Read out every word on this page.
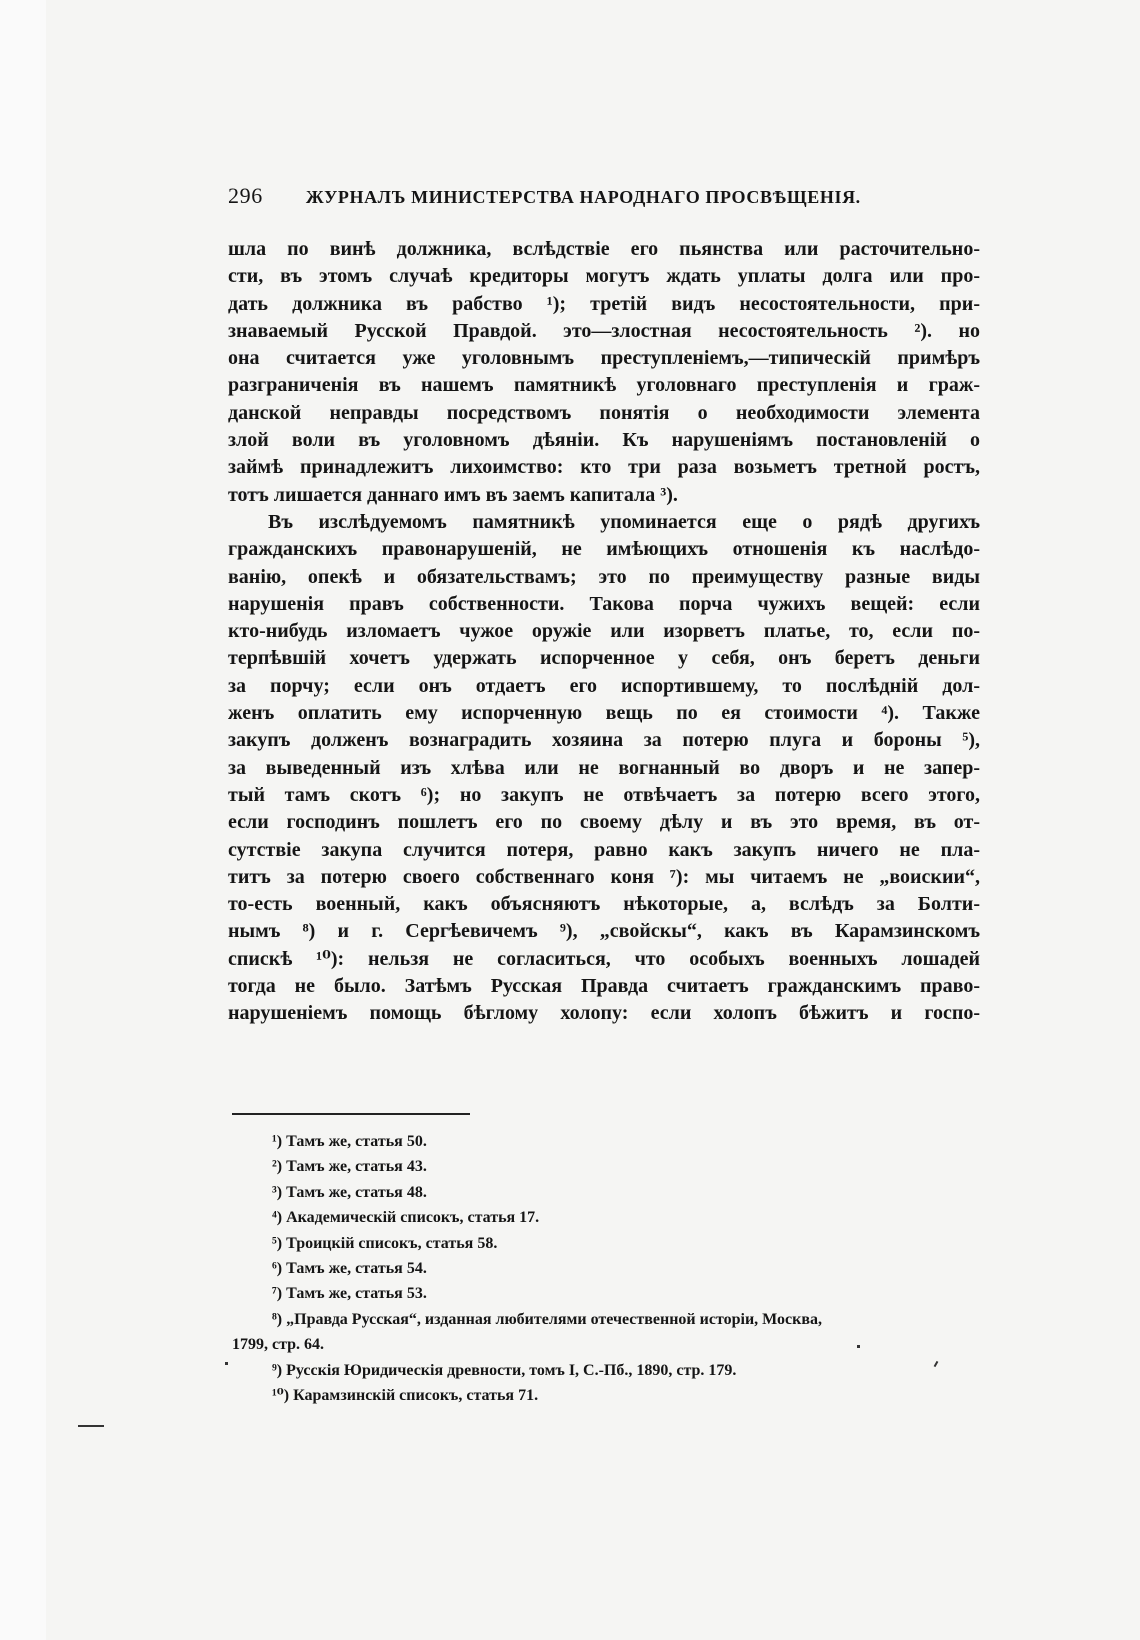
296 ЖУРНАЛЪ МИНИСТЕРСТВА НАРОДНАГО ПРОСВѢЩЕНІЯ.
шла по винѣ должника, вслѣдствіе его пьянства или расточительно-
сти, въ этомъ случаѣ кредиторы могутъ ждать уплаты долга или про-
дать должника въ рабство ¹); третій видъ несостоятельности, при-
знаваемый Русской Правдой. это—злостная несостоятельность ²). но
она считается уже уголовнымъ преступленіемъ,—типическій примѣръ
разграниченія въ нашемъ памятникѣ уголовнаго преступленія и граж-
данской неправды посредствомъ понятія о необходимости элемента
злой воли въ уголовномъ дѣяніи. Къ нарушеніямъ постановленій о
займѣ принадлежитъ лихоимство: кто три раза возьметъ третной ростъ,
тотъ лишается даннаго имъ въ заемъ капитала ³).
Въ изслѣдуемомъ памятникѣ упоминается еще о рядѣ другихъ
гражданскихъ правонарушеній, не имѣющихъ отношенія къ наслѣдо-
ванію, опекѣ и обязательствамъ; это по преимуществу разные виды
нарушенія правъ собственности. Такова порча чужихъ вещей: если
кто-нибудь изломаетъ чужое оружіе или изорветъ платье, то, если по-
терпѣвшій хочетъ удержать испорченное у себя, онъ беретъ деньги
за порчу; если онъ отдаетъ его испортившему, то послѣдній дол-
женъ оплатить ему испорченную вещь по ея стоимости ⁴). Также
закупъ долженъ вознаградить хозяина за потерю плуга и бороны ⁵),
за выведенный изъ хлѣва или не вогнанный во дворъ и не запер-
тый тамъ скотъ ⁶); но закупъ не отвѣчаетъ за потерю всего этого,
если господинъ пошлетъ его по своему дѣлу и въ это время, въ от-
сутствіе закупа случится потеря, равно какъ закупъ ничего не пла-
титъ за потерю своего собственнаго коня ⁷): мы читаемъ не „воискии“,
то-есть военный, какъ объясняютъ нѣкоторые, а, вслѣдъ за Болти-
нымъ ⁸) и г. Сергѣевичемъ ⁹), „свойскы“, какъ въ Карамзинскомъ
спискѣ ¹⁰): нельзя не согласиться, что особыхъ военныхъ лошадей
тогда не было. Затѣмъ Русская Правда считаетъ гражданскимъ право-
нарушеніемъ помощь бѣглому холопу: если холопъ бѣжитъ и госпо-
¹) Тамъ же, статья 50.
²) Тамъ же, статья 43.
³) Тамъ же, статья 48.
⁴) Академическій списокъ, статья 17.
⁵) Троицкій списокъ, статья 58.
⁶) Тамъ же, статья 54.
⁷) Тамъ же, статья 53.
⁸) „Правда Русская“, изданная любителями отечественной исторіи, Москва,
1799, стр. 64.
⁹) Русскія Юридическія древности, томъ I, С.-Пб., 1890, стр. 179.
¹⁰) Карамзинскій списокъ, статья 71.
